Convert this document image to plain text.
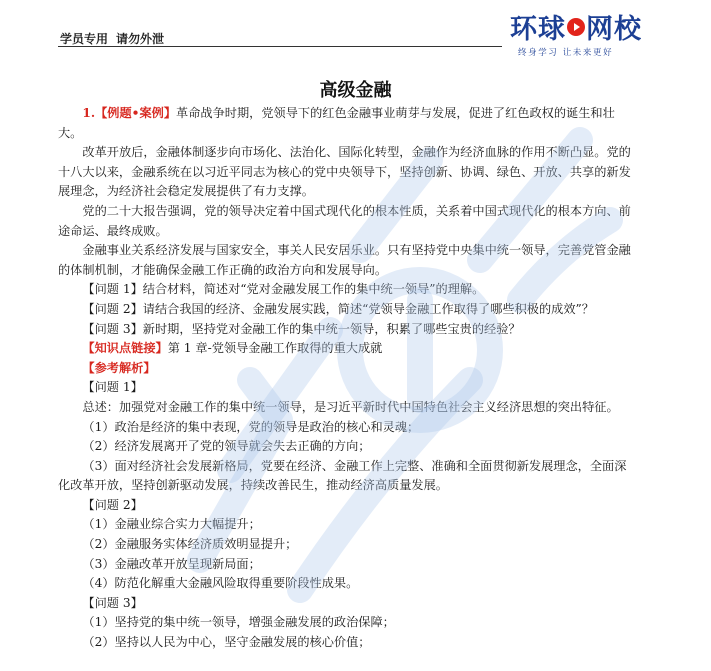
学员专用 请勿外泄	环球 网校
终身学习 让未来更好
高级金融

1.【例题•案例】革命战争时期，党领导下的红色金融事业萌芽与发展，促进了红色政权的诞生和壮大。

改革开放后，金融体制逐步向市场化、法治化、国际化转型，金融作为经济血脉的作用不断凸显。党的十八大以来，金融系统在以习近平同志为核心的党中央领导下，坚持创新、协调、绿色、开放、共享的新发展理念，为经济社会稳定发展提供了有力支撑。

党的二十大报告强调，党的领导决定着中国式现代化的根本性质，关系着中国式现代化的根本方向、前途命运、最终成败。

金融事业关系经济发展与国家安全，事关人民安居乐业。只有坚持党中央集中统一领导，完善党管金融的体制机制，才能确保金融工作正确的政治方向和发展导向。

【问题 1】结合材料，简述对“党对金融发展工作的集中统一领导”的理解。

【问题 2】请结合我国的经济、金融发展实践，简述“党领导金融工作取得了哪些积极的成效”？

【问题 3】新时期，坚持党对金融工作的集中统一领导，积累了哪些宝贵的经验？

【知识点链接】第 1 章-党领导金融工作取得的重大成就

【参考解析】

【问题 1】

总述：加强党对金融工作的集中统一领导，是习近平新时代中国特色社会主义经济思想的突出特征。

（1）政治是经济的集中表现，党的领导是政治的核心和灵魂；

（2）经济发展离开了党的领导就会失去正确的方向；

（3）面对经济社会发展新格局，党要在经济、金融工作上完整、准确和全面贯彻新发展理念，全面深化改革开放，坚持创新驱动发展，持续改善民生，推动经济高质量发展。

【问题 2】

（1）金融业综合实力大幅提升；

（2）金融服务实体经济质效明显提升；

（3）金融改革开放呈现新局面；

（4）防范化解重大金融风险取得重要阶段性成果。

【问题 3】

（1）坚持党的集中统一领导，增强金融发展的政治保障；

（2）坚持以人民为中心，坚守金融发展的核心价值；
